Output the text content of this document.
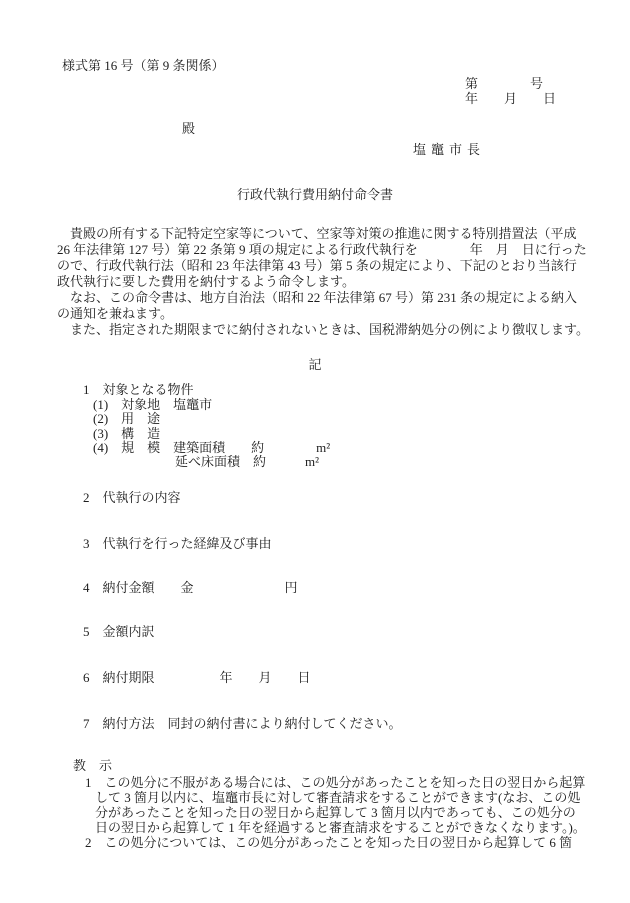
様式第 16 号（第 9 条関係）
第　　　　号
年　　月　　日
殿
塩竈市長
行政代執行費用納付命令書
　貴殿の所有する下記特定空家等について、空家等対策の推進に関する特別措置法（平成
26 年法律第 127 号）第 22 条第 9 項の規定による行政代執行を　　　　年　月　日に行った
ので、行政代執行法（昭和 23 年法律第 43 号）第 5 条の規定により、下記のとおり当該行
政代執行に要した費用を納付するよう命令します。
　なお、この命令書は、地方自治法（昭和 22 年法律第 67 号）第 231 条の規定による納入
の通知を兼ねます。
　また、指定された期限までに納付されないときは、国税滞納処分の例により徴収します。
記
1　対象となる物件
(1)　対象地　塩竈市
(2)　用　途
(3)　構　造
(4)　規　模　建築面積　　約　　　　m²
延べ床面積　約　　　m²
2　代執行の内容
3　代執行を行った経緯及び事由
4　納付金額　　金　　　　　　　円
5　金額内訳
6　納付期限　　　　　年　　月　　日
7　納付方法　同封の納付書により納付してください。
教　示
1　この処分に不服がある場合には、この処分があったことを知った日の翌日から起算
して 3 箇月以内に、塩竈市長に対して審査請求をすることができます(なお、この処
分があったことを知った日の翌日から起算して 3 箇月以内であっても、この処分の
日の翌日から起算して 1 年を経過すると審査請求をすることができなくなります。)。
2　この処分については、この処分があったことを知った日の翌日から起算して 6 箇
